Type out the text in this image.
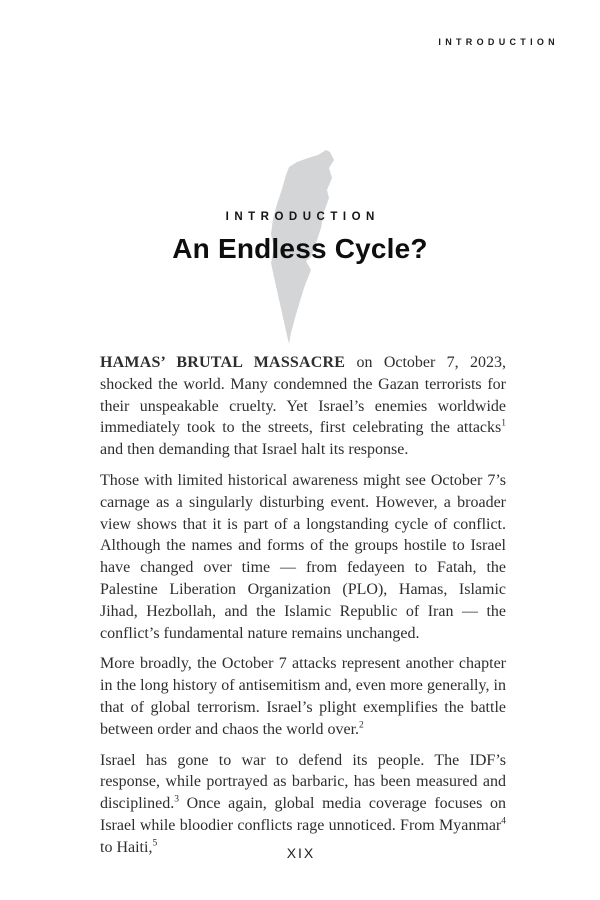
INTRODUCTION
INTRODUCTION
An Endless Cycle?

HAMAS’ BRUTAL MASSACRE on October 7, 2023, shocked the world. Many condemned the Gazan terrorists for their unspeakable cruelty. Yet Israel’s enemies worldwide immediately took to the streets, first celebrating the attacks$^1$ and then demanding that Israel halt its response.

Those with limited historical awareness might see October 7’s carnage as a singularly disturbing event. However, a broader view shows that it is part of a longstanding cycle of conflict. Although the names and forms of the groups hostile to Israel have changed over time — from fedayeen to Fatah, the Palestine Liberation Organization (PLO), Hamas, Islamic Jihad, Hezbollah, and the Islamic Republic of Iran — the conflict’s fundamental nature remains unchanged.

More broadly, the October 7 attacks represent another chapter in the long history of antisemitism and, even more generally, in that of global terrorism. Israel’s plight exemplifies the battle between order and chaos the world over.$^2$

Israel has gone to war to defend its people. The IDF’s response, while portrayed as barbaric, has been measured and disciplined.$^3$ Once again, global media coverage focuses on Israel while bloodier conflicts rage unnoticed. From Myanmar$^4$ to Haiti,$^5$

XIX
